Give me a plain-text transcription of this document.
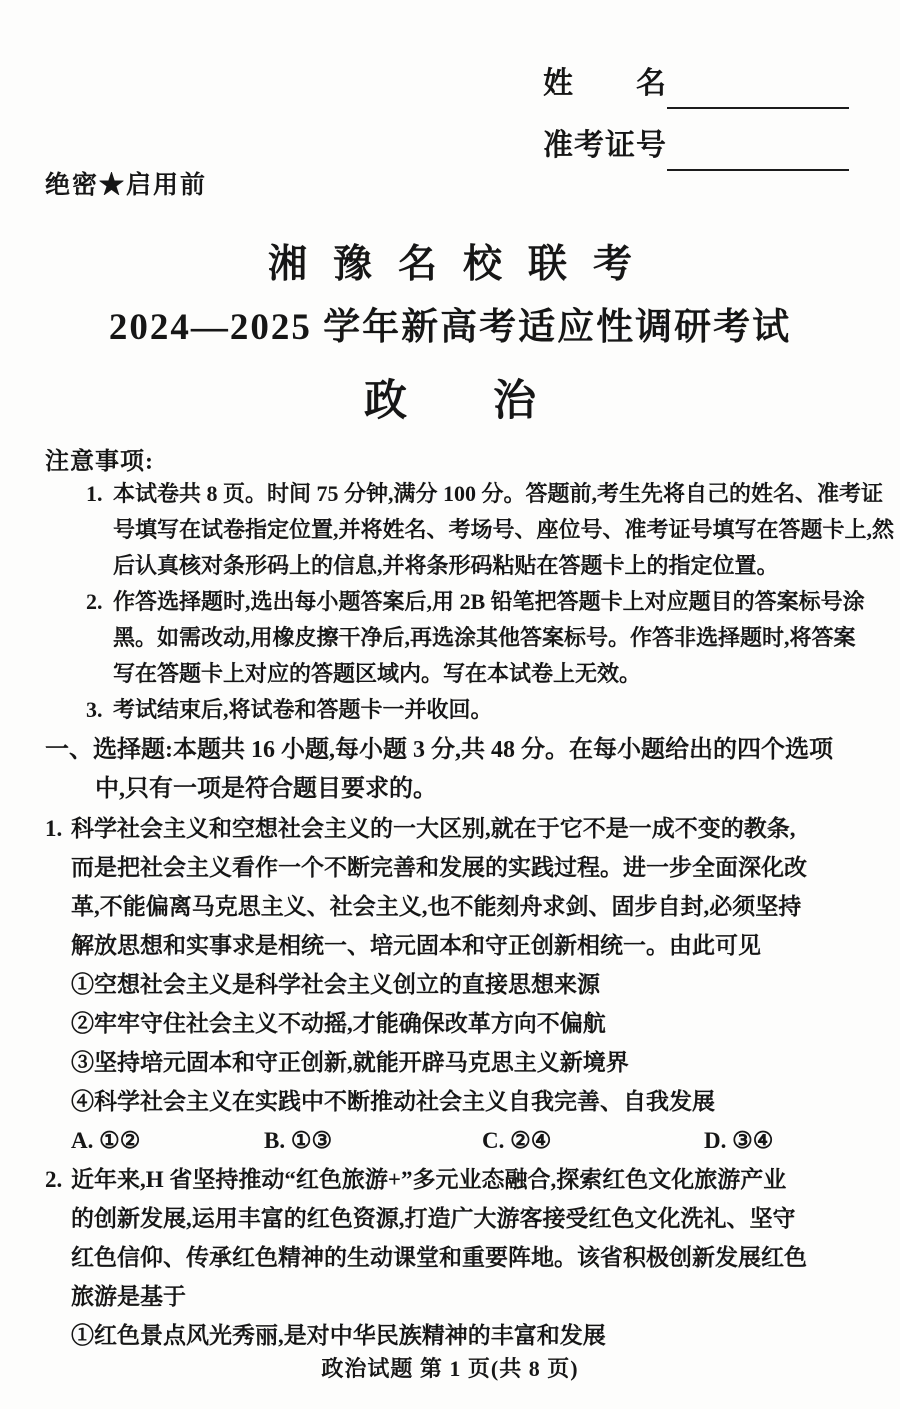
姓　　名
准考证号
绝密★启用前
湘豫名校联考
2024—2025 学年新高考适应性调研考试
政　　治
注意事项:
1. 本试卷共 8 页。时间 75 分钟,满分 100 分。答题前,考生先将自己的姓名、准考证
号填写在试卷指定位置,并将姓名、考场号、座位号、准考证号填写在答题卡上,然
后认真核对条形码上的信息,并将条形码粘贴在答题卡上的指定位置。
2. 作答选择题时,选出每小题答案后,用 2B 铅笔把答题卡上对应题目的答案标号涂
黑。如需改动,用橡皮擦干净后,再选涂其他答案标号。作答非选择题时,将答案
写在答题卡上对应的答题区域内。写在本试卷上无效。
3. 考试结束后,将试卷和答题卡一并收回。
一、选择题:本题共 16 小题,每小题 3 分,共 48 分。在每小题给出的四个选项
中,只有一项是符合题目要求的。
1. 科学社会主义和空想社会主义的一大区别,就在于它不是一成不变的教条,
而是把社会主义看作一个不断完善和发展的实践过程。进一步全面深化改
革,不能偏离马克思主义、社会主义,也不能刻舟求剑、固步自封,必须坚持
解放思想和实事求是相统一、培元固本和守正创新相统一。由此可见
①空想社会主义是科学社会主义创立的直接思想来源
②牢牢守住社会主义不动摇,才能确保改革方向不偏航
③坚持培元固本和守正创新,就能开辟马克思主义新境界
④科学社会主义在实践中不断推动社会主义自我完善、自我发展
A. ①②	B. ①③	C. ②④	D. ③④
2. 近年来,H 省坚持推动“红色旅游+”多元业态融合,探索红色文化旅游产业
的创新发展,运用丰富的红色资源,打造广大游客接受红色文化洗礼、坚守
红色信仰、传承红色精神的生动课堂和重要阵地。该省积极创新发展红色
旅游是基于
①红色景点风光秀丽,是对中华民族精神的丰富和发展
政治试题 第 1 页(共 8 页)
